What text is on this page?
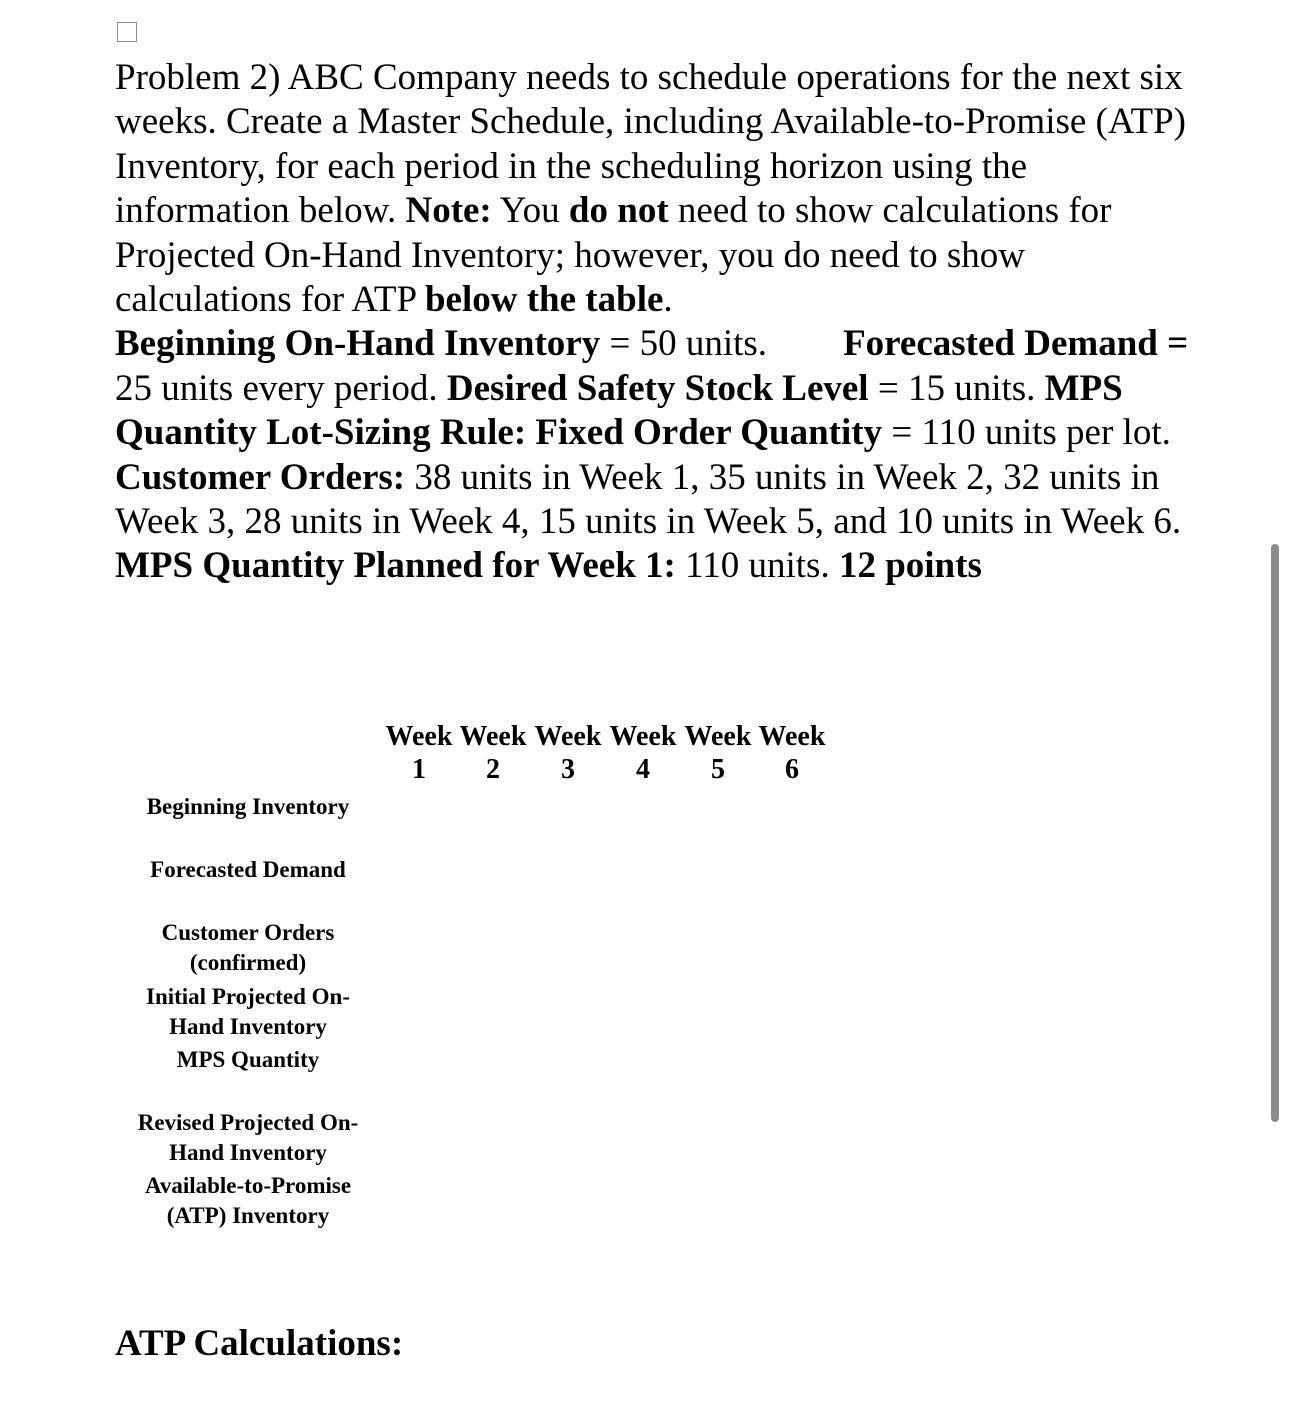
Problem 2) ABC Company needs to schedule operations for the next six weeks. Create a Master Schedule, including Available-to-Promise (ATP) Inventory, for each period in the scheduling horizon using the information below. Note: You do not need to show calculations for Projected On-Hand Inventory; however, you do need to show calculations for ATP below the table.
Beginning On-Hand Inventory = 50 units. Forecasted Demand = 25 units every period. Desired Safety Stock Level = 15 units. MPS Quantity Lot-Sizing Rule: Fixed Order Quantity = 110 units per lot. Customer Orders: 38 units in Week 1, 35 units in Week 2, 32 units in Week 3, 28 units in Week 4, 15 units in Week 5, and 10 units in Week 6. MPS Quantity Planned for Week 1: 110 units. 12 points

Week
1
Week
2
Week
3
Week
4
Week
5
Week
6
Beginning Inventory
Forecasted Demand
Customer Orders
(confirmed)
Initial Projected On-
Hand Inventory
MPS Quantity
Revised Projected On-
Hand Inventory
Available-to-Promise
(ATP) Inventory
ATP Calculations:
